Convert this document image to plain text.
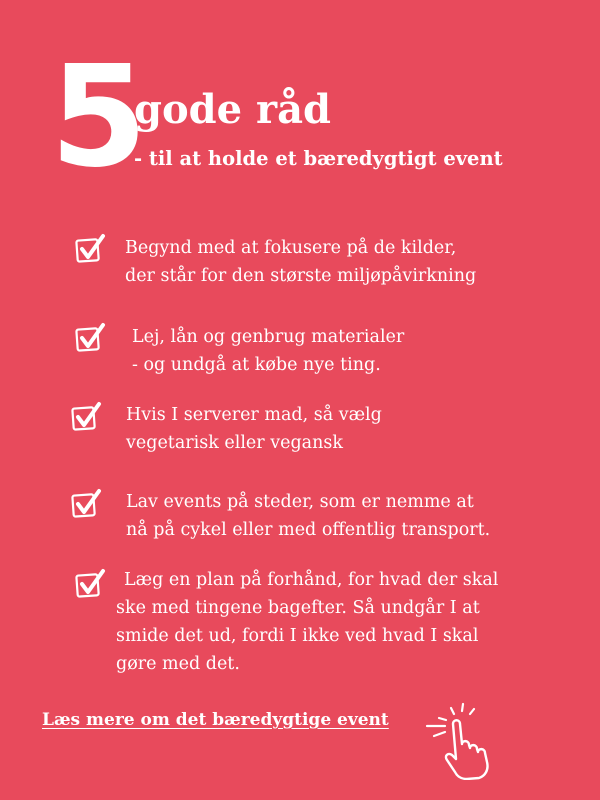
5
gode råd
- til at holde et bæredygtigt event
Begynd med at fokusere på de kilder,
der står for den største miljøpåvirkning
Lej, lån og genbrug materialer
- og undgå at købe nye ting.
Hvis I serverer mad, så vælg
vegetarisk eller vegansk
Lav events på steder, som er nemme at
nå på cykel eller med offentlig transport.
Læg en plan på forhånd, for hvad der skal
ske med tingene bagefter. Så undgår I at
smide det ud, fordi I ikke ved hvad I skal
gøre med det.
Læs mere om det bæredygtige event
